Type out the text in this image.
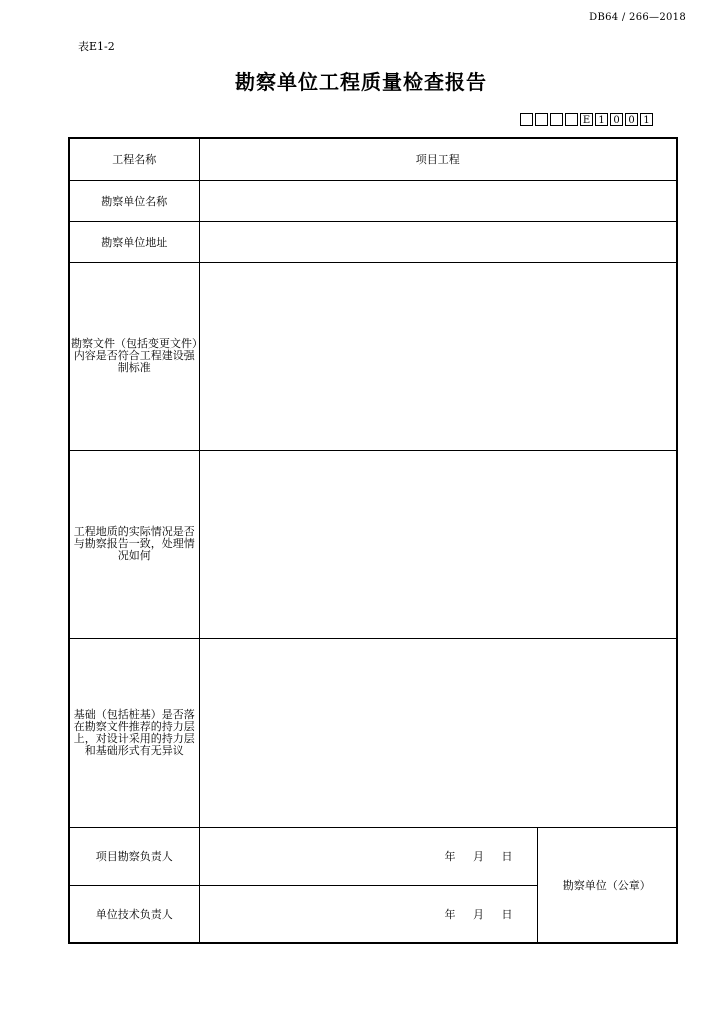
DB64 / 266—2018
表E1-2
勘察单位工程质量检查报告
E 1 0 0 1
工程名称	项目工程	
勘察单位名称		
勘察单位地址		
勘察文件（包括变更文件）内容是否符合工程建设强制标准		
工程地质的实际情况是否与勘察报告一致，处理情况如何		
基础（包括桩基）是否落在勘察文件推荐的持力层上，对设计采用的持力层和基础形式有无异议		
项目勘察负责人	年 月 日	勘察单位（公章）
单位技术负责人	年 月 日	
